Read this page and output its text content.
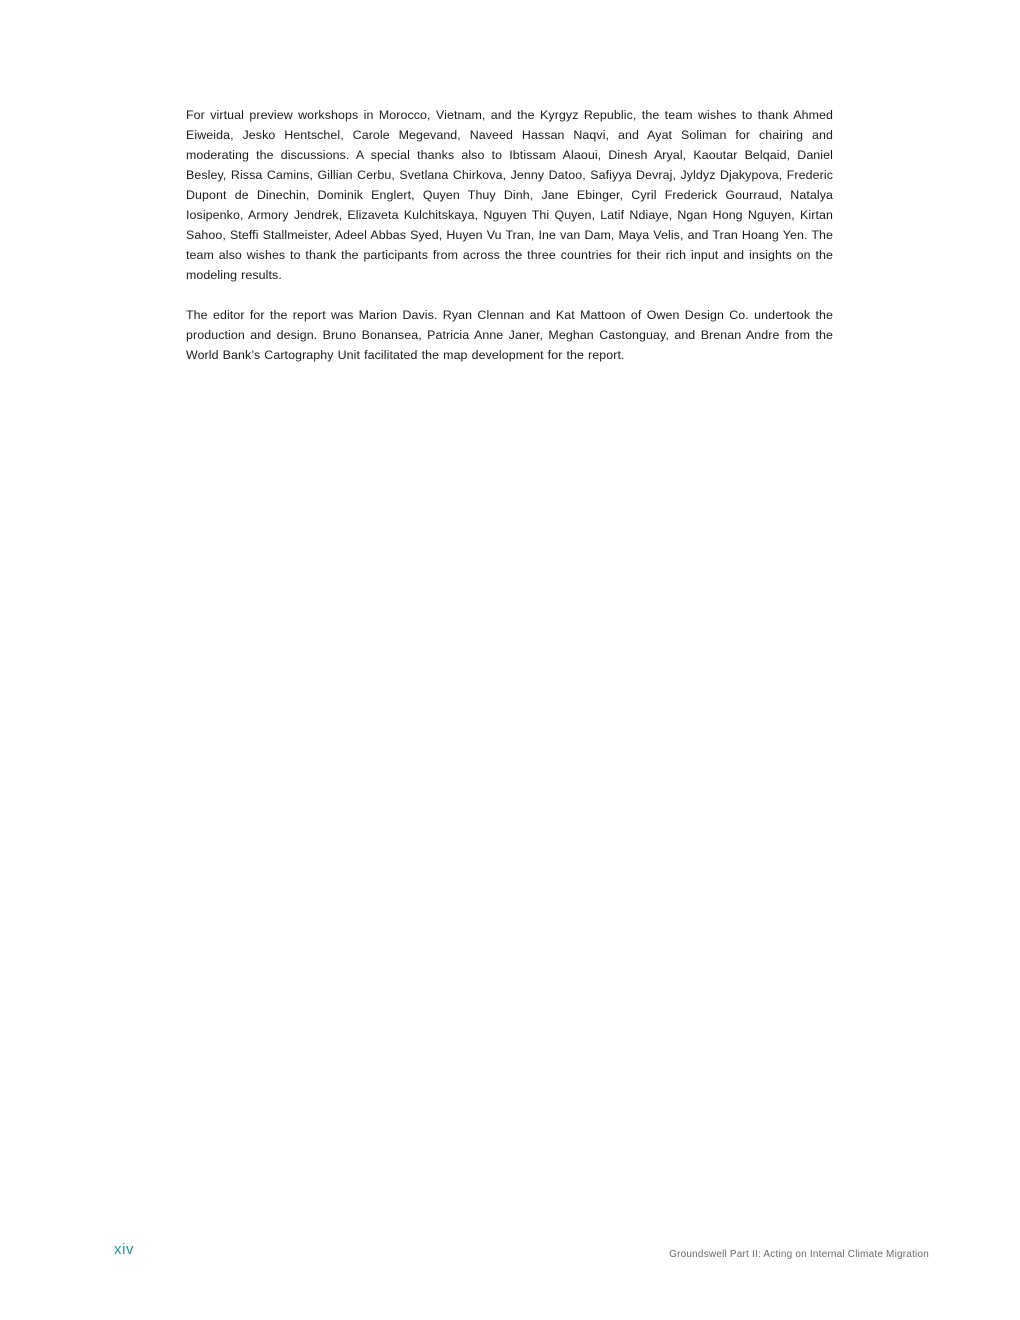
For virtual preview workshops in Morocco, Vietnam, and the Kyrgyz Republic, the team wishes to thank Ahmed Eiweida, Jesko Hentschel, Carole Megevand, Naveed Hassan Naqvi, and Ayat Soliman for chairing and moderating the discussions. A special thanks also to Ibtissam Alaoui, Dinesh Aryal, Kaoutar Belqaid, Daniel Besley, Rissa Camins, Gillian Cerbu, Svetlana Chirkova, Jenny Datoo, Safiyya Devraj, Jyldyz Djakypova, Frederic Dupont de Dinechin, Dominik Englert, Quyen Thuy Dinh, Jane Ebinger, Cyril Frederick Gourraud, Natalya Iosipenko, Armory Jendrek, Elizaveta Kulchitskaya, Nguyen Thi Quyen, Latif Ndiaye, Ngan Hong Nguyen, Kirtan Sahoo, Steffi Stallmeister, Adeel Abbas Syed, Huyen Vu Tran, Ine van Dam, Maya Velis, and Tran Hoang Yen. The team also wishes to thank the participants from across the three countries for their rich input and insights on the modeling results.

The editor for the report was Marion Davis. Ryan Clennan and Kat Mattoon of Owen Design Co. undertook the production and design. Bruno Bonansea, Patricia Anne Janer, Meghan Castonguay, and Brenan Andre from the World Bank’s Cartography Unit facilitated the map development for the report.

xiv	Groundswell Part II: Acting on Internal Climate Migration
